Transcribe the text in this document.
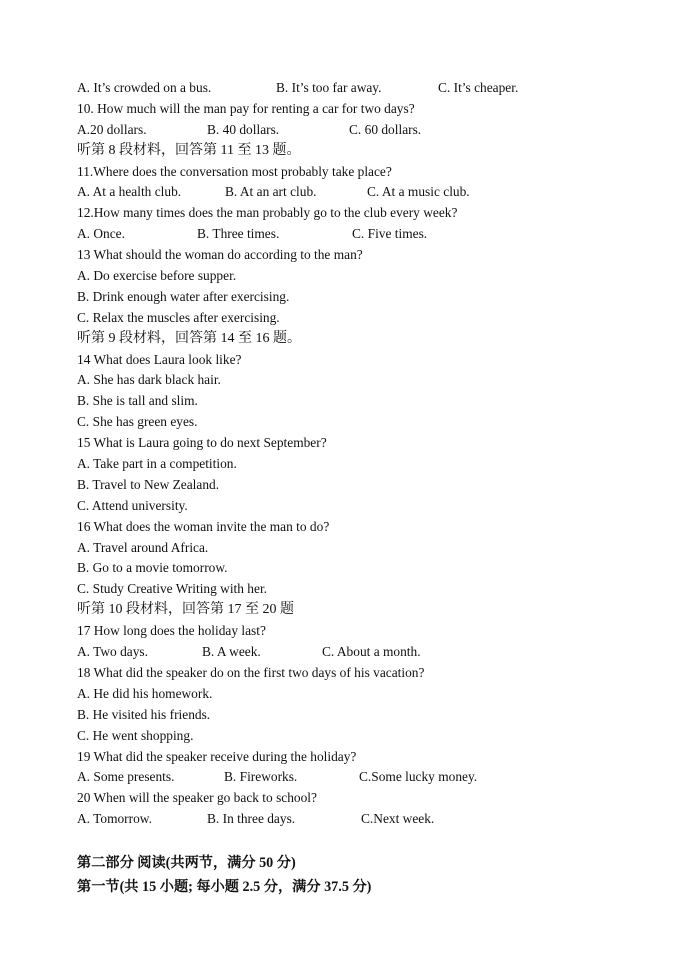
A. It’s crowded on a bus.	B. It’s too far away.	C. It’s cheaper.
10. How much will the man pay for renting a car for two days?
A.20 dollars.	B. 40 dollars.	C. 60 dollars.
听第 8 段材料，回答第 11 至 13 题。
11.Where does the conversation most probably take place?
A. At a health club.	B. At an art club.	C. At a music club.
12.How many times does the man probably go to the club every week?
A. Once.	B. Three times.	C. Five times.
13 What should the woman do according to the man?
A. Do exercise before supper.
B. Drink enough water after exercising.
C. Relax the muscles after exercising.
听第 9 段材料，回答第 14 至 16 题。
14 What does Laura look like?
A. She has dark black hair.
B. She is tall and slim.
C. She has green eyes.
15 What is Laura going to do next September?
A. Take part in a competition.
B. Travel to New Zealand.
C. Attend university.
16 What does the woman invite the man to do?
A. Travel around Africa.
B. Go to a movie tomorrow.
C. Study Creative Writing with her.
听第 10 段材料，回答第 17 至 20 题
17 How long does the holiday last?
A. Two days.	B. A week.	C. About a month.
18 What did the speaker do on the first two days of his vacation?
A. He did his homework.
B. He visited his friends.
C. He went shopping.
19 What did the speaker receive during the holiday?
A. Some presents.	B. Fireworks.	C.Some lucky money.
20 When will the speaker go back to school?
A. Tomorrow.	B. In three days.	C.Next week.
第二部分 阅读(共两节，满分 50 分)
第一节(共 15 小题; 每小题 2.5 分，满分 37.5 分)
